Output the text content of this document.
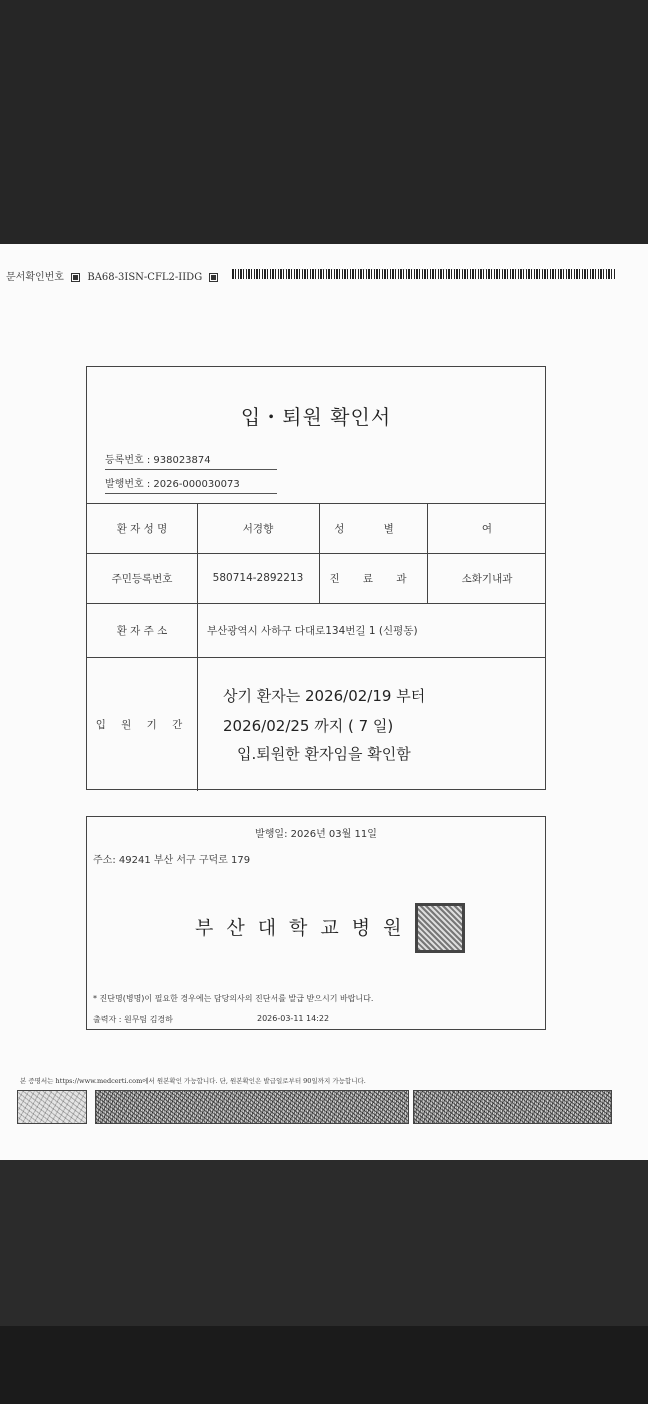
문서확인번호 BA68-3ISN-CFL2-IIDG
입・퇴원 확인서
등록번호 : 938023874
발행번호 : 2026-000030073
환 자 성 명	서경향	성 별	여
주민등록번호	580714-2892213	진 료 과	소화기내과
환 자 주 소	부산광역시 사하구 다대로134번길 1 (신평동)
입 원 기 간
상기 환자는 2026/02/19 부터
2026/02/25 까지 ( 7 일)
입.퇴원한 환자임을 확인함
발행일: 2026년 03월 11일
주소: 49241 부산 서구 구덕로 179
부산대학교병원
* 진단명(병명)이 필요한 경우에는 담당의사의 진단서를 발급 받으시기 바랍니다.
출력자 : 원무팀 김경하	2026-03-11 14:22
본 증명서는 https://www.medcerti.com에서 원본확인 가능합니다. 단, 원본확인은 발급일로부터 90일까지 가능합니다.
